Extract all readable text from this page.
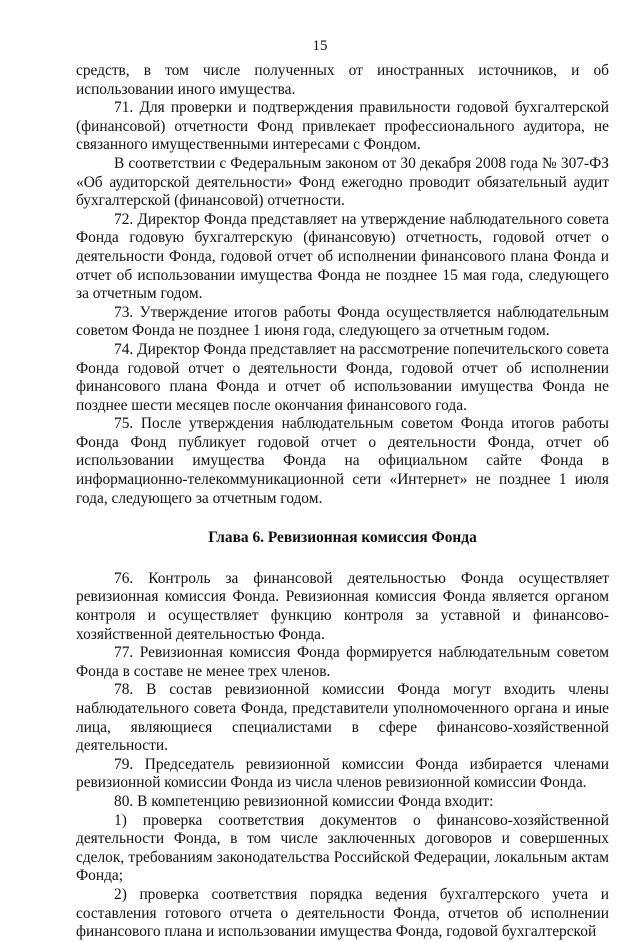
15

средств, в том числе полученных от иностранных источников, и об использовании иного имущества.

71. Для проверки и подтверждения правильности годовой бухгалтерской (финансовой) отчетности Фонд привлекает профессионального аудитора, не связанного имущественными интересами с Фондом.

В соответствии с Федеральным законом от 30 декабря 2008 года № 307-ФЗ «Об аудиторской деятельности» Фонд ежегодно проводит обязательный аудит бухгалтерской (финансовой) отчетности.

72. Директор Фонда представляет на утверждение наблюдательного совета Фонда годовую бухгалтерскую (финансовую) отчетность, годовой отчет о деятельности Фонда, годовой отчет об исполнении финансового плана Фонда и отчет об использовании имущества Фонда не позднее 15 мая года, следующего за отчетным годом.

73. Утверждение итогов работы Фонда осуществляется наблюдательным советом Фонда не позднее 1 июня года, следующего за отчетным годом.

74. Директор Фонда представляет на рассмотрение попечительского совета Фонда годовой отчет о деятельности Фонда, годовой отчет об исполнении финансового плана Фонда и отчет об использовании имущества Фонда не позднее шести месяцев после окончания финансового года.

75. После утверждения наблюдательным советом Фонда итогов работы Фонда Фонд публикует годовой отчет о деятельности Фонда, отчет об использовании имущества Фонда на официальном сайте Фонда в информационно-телекоммуникационной сети «Интернет» не позднее 1 июля года, следующего за отчетным годом.

Глава 6. Ревизионная комиссия Фонда

76. Контроль за финансовой деятельностью Фонда осуществляет ревизионная комиссия Фонда. Ревизионная комиссия Фонда является органом контроля и осуществляет функцию контроля за уставной и финансово-хозяйственной деятельностью Фонда.

77. Ревизионная комиссия Фонда формируется наблюдательным советом Фонда в составе не менее трех членов.

78. В состав ревизионной комиссии Фонда могут входить члены наблюдательного совета Фонда, представители уполномоченного органа и иные лица, являющиеся специалистами в сфере финансово-хозяйственной деятельности.

79. Председатель ревизионной комиссии Фонда избирается членами ревизионной комиссии Фонда из числа членов ревизионной комиссии Фонда.

80. В компетенцию ревизионной комиссии Фонда входит:

1) проверка соответствия документов о финансово-хозяйственной деятельности Фонда, в том числе заключенных договоров и совершенных сделок, требованиям законодательства Российской Федерации, локальным актам Фонда;

2) проверка соответствия порядка ведения бухгалтерского учета и составления готового отчета о деятельности Фонда, отчетов об исполнении финансового плана и использовании имущества Фонда, годовой бухгалтерской
